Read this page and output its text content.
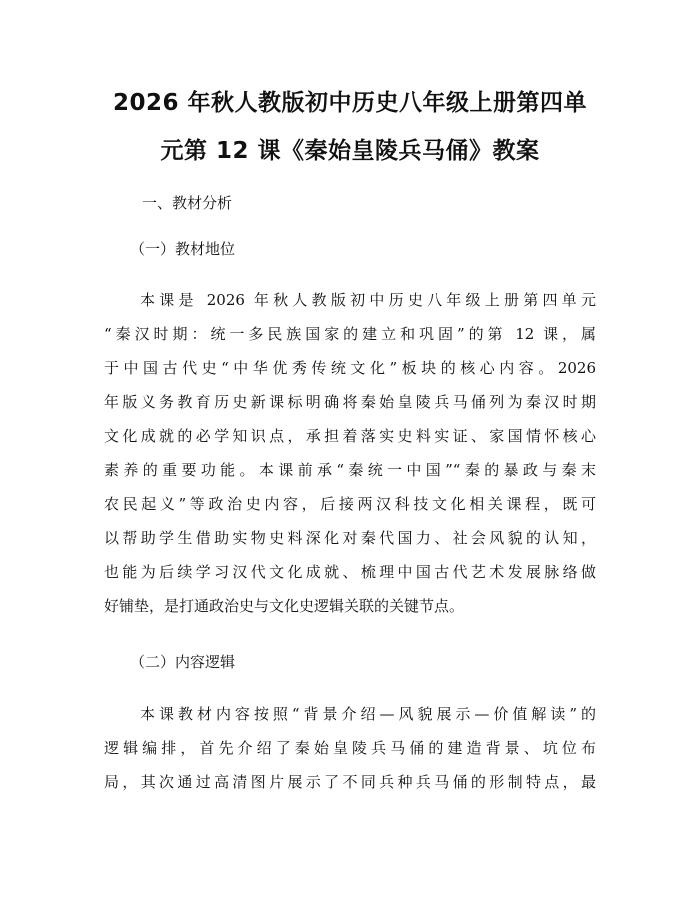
2026 年秋人教版初中历史八年级上册第四单
元第 12 课《秦始皇陵兵马俑》教案
一、教材分析
（一）教材地位
本课是 2026 年秋人教版初中历史八年级上册第四单元
“秦汉时期：统一多民族国家的建立和巩固”的第 12 课，属
于中国古代史“中华优秀传统文化”板块的核心内容。2026
年版义务教育历史新课标明确将秦始皇陵兵马俑列为秦汉时期
文化成就的必学知识点，承担着落实史料实证、家国情怀核心
素养的重要功能。本课前承“秦统一中国”“秦的暴政与秦末
农民起义”等政治史内容，后接两汉科技文化相关课程，既可
以帮助学生借助实物史料深化对秦代国力、社会风貌的认知，
也能为后续学习汉代文化成就、梳理中国古代艺术发展脉络做
好铺垫，是打通政治史与文化史逻辑关联的关键节点。
（二）内容逻辑
本课教材内容按照“背景介绍—风貌展示—价值解读”的
逻辑编排，首先介绍了秦始皇陵兵马俑的建造背景、坑位布
局，其次通过高清图片展示了不同兵种兵马俑的形制特点，最
